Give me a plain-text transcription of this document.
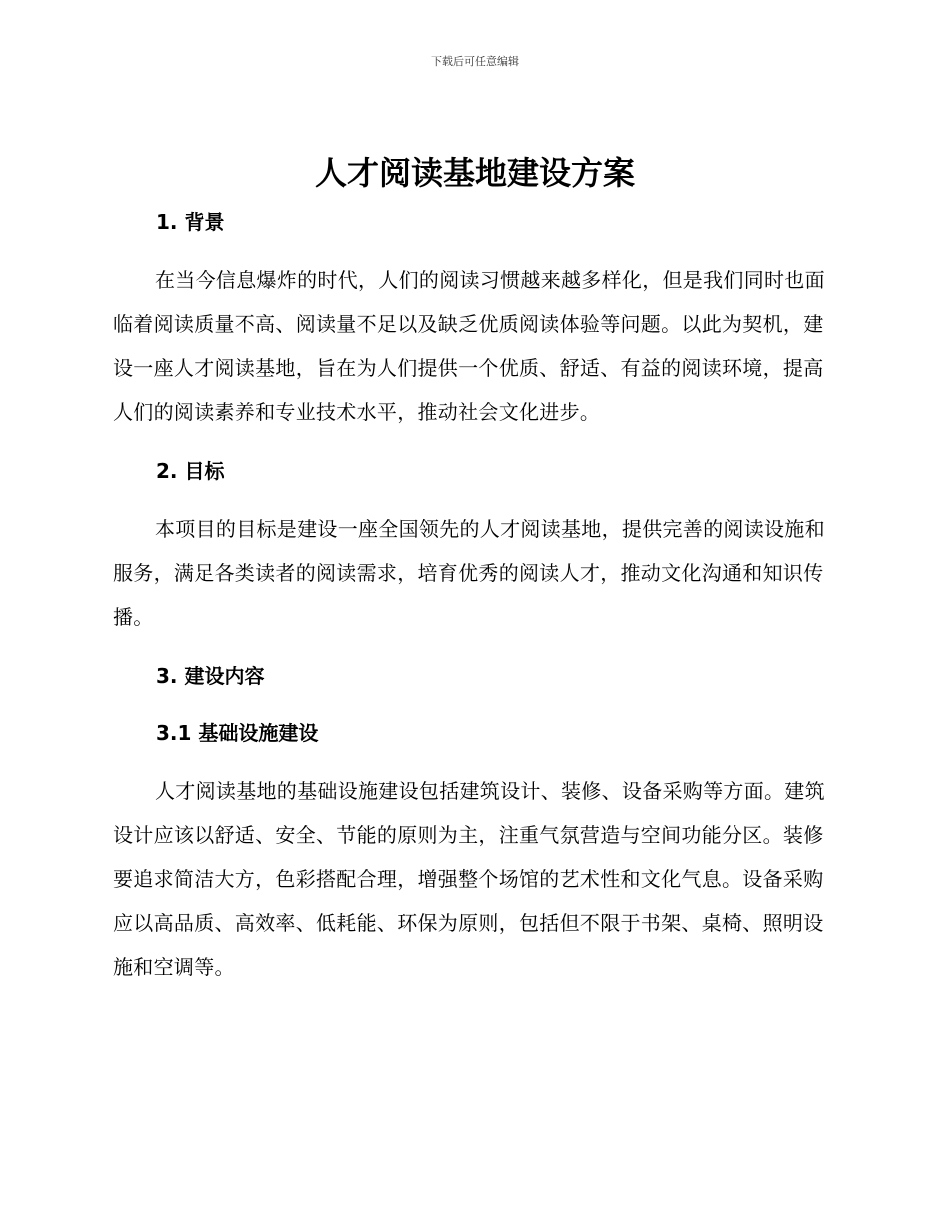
下载后可任意编辑
人才阅读基地建设方案
1. 背景

在当今信息爆炸的时代，人们的阅读习惯越来越多样化，但是我们同时也面临着阅读质量不高、阅读量不足以及缺乏优质阅读体验等问题。以此为契机，建设一座人才阅读基地，旨在为人们提供一个优质、舒适、有益的阅读环境，提高人们的阅读素养和专业技术水平，推动社会文化进步。

2. 目标

本项目的目标是建设一座全国领先的人才阅读基地，提供完善的阅读设施和服务，满足各类读者的阅读需求，培育优秀的阅读人才，推动文化沟通和知识传播。

3. 建设内容
3.1 基础设施建设

人才阅读基地的基础设施建设包括建筑设计、装修、设备采购等方面。建筑设计应该以舒适、安全、节能的原则为主，注重气氛营造与空间功能分区。装修要追求简洁大方，色彩搭配合理，增强整个场馆的艺术性和文化气息。设备采购应以高品质、高效率、低耗能、环保为原则，包括但不限于书架、桌椅、照明设施和空调等。
